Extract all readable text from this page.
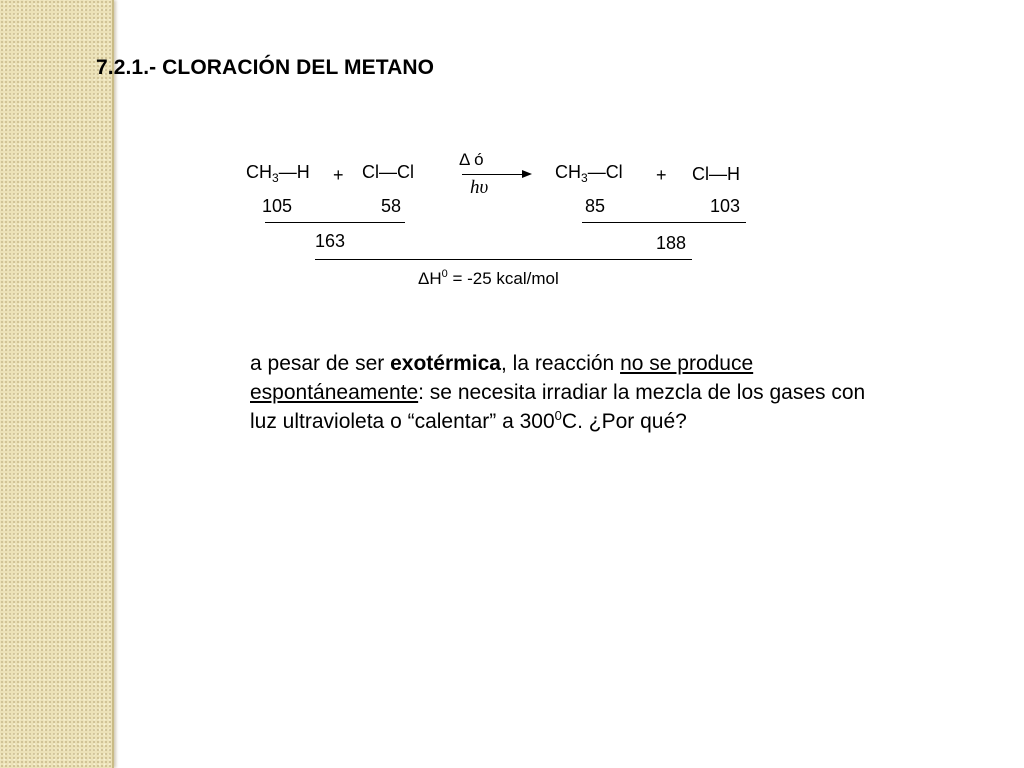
7.2.1.- CLORACIÓN DEL METANO
$CH_3—H$ + Cl—Cl
Δ ó
hυ
$CH_3—Cl$ + Cl—H
105	58	85	103
163	188
$\Delta H^0 = -25$ kcal/mol
a pesar de ser exotérmica, la reacción no se produce espontáneamente: se necesita irradiar la mezcla de los gases con luz ultravioleta o “calentar” a $300^0C$. ¿Por qué?
